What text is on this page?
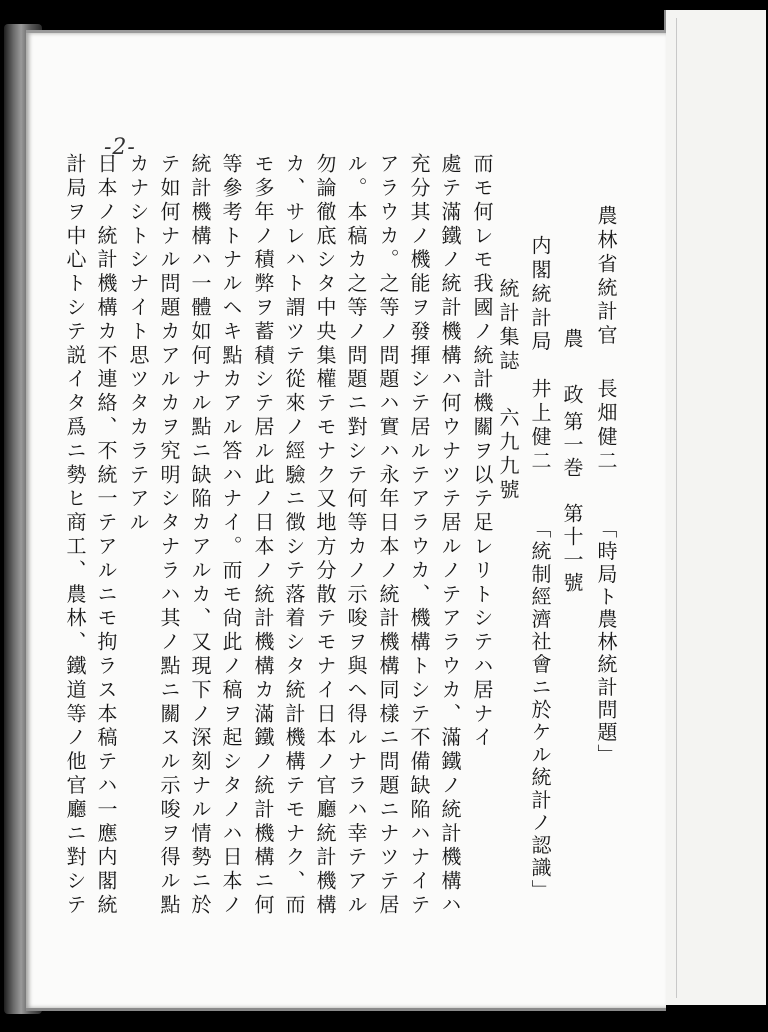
-2-
農林省統計官
長畑健二
「時局ト農林統計問題」
農　政
第一巻　第十一號
内閣統計局
井上健二
「統制經濟社會ニ於ケル統計ノ認識」
統計集誌
六九九號
而モ何レモ我國ノ統計機關ヲ以テ足レリトシテハ居ナイ
處テ滿鐵ノ統計機構ハ何ウナツテ居ルノテアラウカ、滿鐵ノ統計機構ハ
充分其ノ機能ヲ發揮シテ居ルテアラウカ、機構トシテ不備缺陥ハナイテ
アラウカ。之等ノ問題ハ實ハ永年日本ノ統計機構同樣ニ問題ニナツテ居
ル。本稿カ之等ノ問題ニ對シテ何等カノ示唆ヲ與ヘ得ルナラハ幸テアル
勿論徹底シタ中央集權テモナク又地方分散テモナイ日本ノ官廳統計機構
カ、サレハト謂ツテ從來ノ經驗ニ徴シテ落着シタ統計機構テモナク、而
モ多年ノ積弊ヲ蓄積シテ居ル此ノ日本ノ統計機構カ滿鐵ノ統計機構ニ何
等參考トナルヘキ點カアル答ハナイ。而モ尙此ノ稿ヲ起シタノハ日本ノ
統計機構ハ一體如何ナル點ニ缺陥カアルカ、又現下ノ深刻ナル情勢ニ於
テ如何ナル問題カアルカヲ究明シタナラハ其ノ點ニ關スル示唆ヲ得ル點
カナシトシナイト思ツタカラテアル
日本ノ統計機構カ不連絡、不統一テアルニモ拘ラス本稿テハ一應内閣統
計局ヲ中心トシテ説イタ爲ニ勢ヒ商工、農林、鐵道等ノ他官廳ニ對シテ
